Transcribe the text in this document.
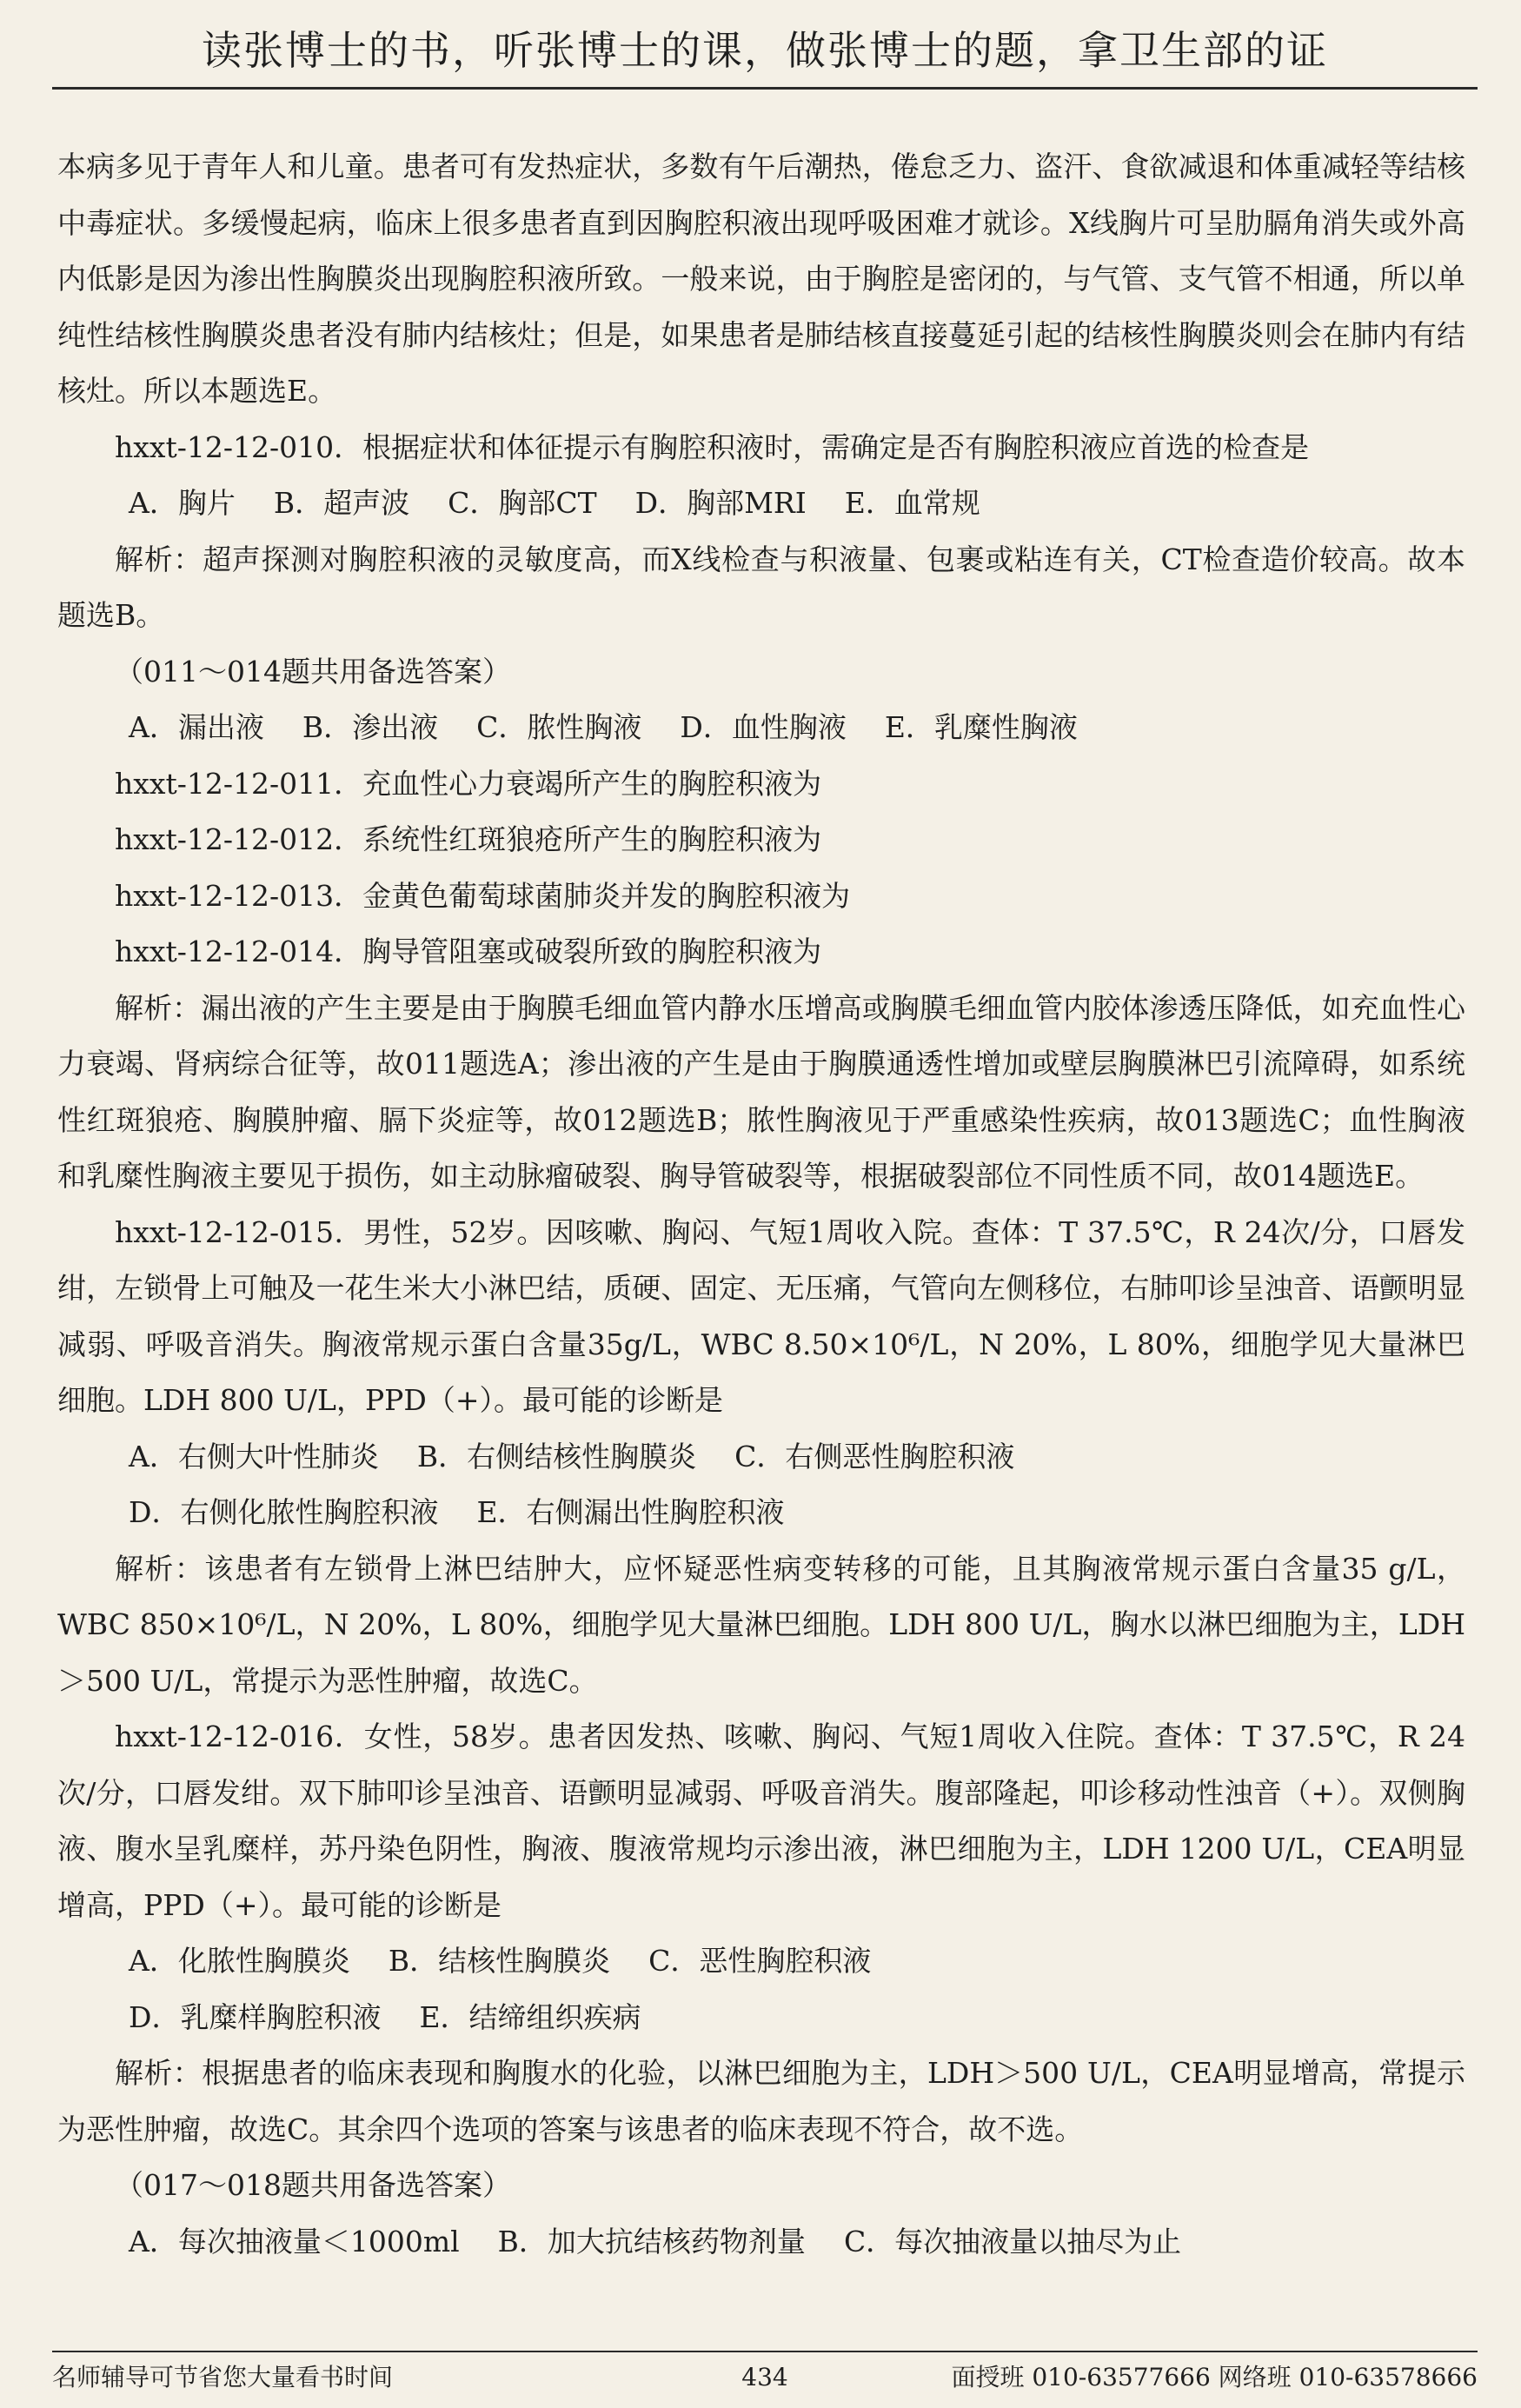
读张博士的书，听张博士的课，做张博士的题，拿卫生部的证

本病多见于青年人和儿童。患者可有发热症状，多数有午后潮热，倦怠乏力、盗汗、食欲减退和体重减轻等结核中毒症状。多缓慢起病，临床上很多患者直到因胸腔积液出现呼吸困难才就诊。X线胸片可呈肋膈角消失或外高内低影是因为渗出性胸膜炎出现胸腔积液所致。一般来说，由于胸腔是密闭的，与气管、支气管不相通，所以单纯性结核性胸膜炎患者没有肺内结核灶；但是，如果患者是肺结核直接蔓延引起的结核性胸膜炎则会在肺内有结核灶。所以本题选E。

hxxt-12-12-010．根据症状和体征提示有胸腔积液时，需确定是否有胸腔积液应首选的检查是

A．胸片 B．超声波 C．胸部CT D．胸部MRI E．血常规

解析：超声探测对胸腔积液的灵敏度高，而X线检查与积液量、包裹或粘连有关，CT检查造价较高。故本题选B。

（011～014题共用备选答案）

A．漏出液 B．渗出液 C．脓性胸液 D．血性胸液 E．乳糜性胸液

hxxt-12-12-011．充血性心力衰竭所产生的胸腔积液为

hxxt-12-12-012．系统性红斑狼疮所产生的胸腔积液为

hxxt-12-12-013．金黄色葡萄球菌肺炎并发的胸腔积液为

hxxt-12-12-014．胸导管阻塞或破裂所致的胸腔积液为

解析：漏出液的产生主要是由于胸膜毛细血管内静水压增高或胸膜毛细血管内胶体渗透压降低，如充血性心力衰竭、肾病综合征等，故011题选A；渗出液的产生是由于胸膜通透性增加或壁层胸膜淋巴引流障碍，如系统性红斑狼疮、胸膜肿瘤、膈下炎症等，故012题选B；脓性胸液见于严重感染性疾病，故013题选C；血性胸液和乳糜性胸液主要见于损伤，如主动脉瘤破裂、胸导管破裂等，根据破裂部位不同性质不同，故014题选E。

hxxt-12-12-015．男性，52岁。因咳嗽、胸闷、气短1周收入院。查体：T 37.5℃，R 24次/分，口唇发绀，左锁骨上可触及一花生米大小淋巴结，质硬、固定、无压痛，气管向左侧移位，右肺叩诊呈浊音、语颤明显减弱、呼吸音消失。胸液常规示蛋白含量35g/L，WBC 8.50×10⁶/L，N 20%，L 80%，细胞学见大量淋巴细胞。LDH 800 U/L，PPD（+）。最可能的诊断是

A．右侧大叶性肺炎 B．右侧结核性胸膜炎 C．右侧恶性胸腔积液

D．右侧化脓性胸腔积液 E．右侧漏出性胸腔积液

解析：该患者有左锁骨上淋巴结肿大，应怀疑恶性病变转移的可能，且其胸液常规示蛋白含量35 g/L，WBC 850×10⁶/L，N 20%，L 80%，细胞学见大量淋巴细胞。LDH 800 U/L，胸水以淋巴细胞为主，LDH＞500 U/L，常提示为恶性肿瘤，故选C。

hxxt-12-12-016．女性，58岁。患者因发热、咳嗽、胸闷、气短1周收入住院。查体：T 37.5℃，R 24次/分，口唇发绀。双下肺叩诊呈浊音、语颤明显减弱、呼吸音消失。腹部隆起，叩诊移动性浊音（+）。双侧胸液、腹水呈乳糜样，苏丹染色阴性，胸液、腹液常规均示渗出液，淋巴细胞为主，LDH 1200 U/L，CEA明显增高，PPD（+）。最可能的诊断是

A．化脓性胸膜炎 B．结核性胸膜炎 C．恶性胸腔积液

D．乳糜样胸腔积液 E．结缔组织疾病

解析：根据患者的临床表现和胸腹水的化验，以淋巴细胞为主，LDH＞500 U/L，CEA明显增高，常提示为恶性肿瘤，故选C。其余四个选项的答案与该患者的临床表现不符合，故不选。

（017～018题共用备选答案）

A．每次抽液量＜1000ml B．加大抗结核药物剂量 C．每次抽液量以抽尽为止

434
名师辅导可节省您大量看书时间	面授班 010-63577666 网络班 010-63578666
